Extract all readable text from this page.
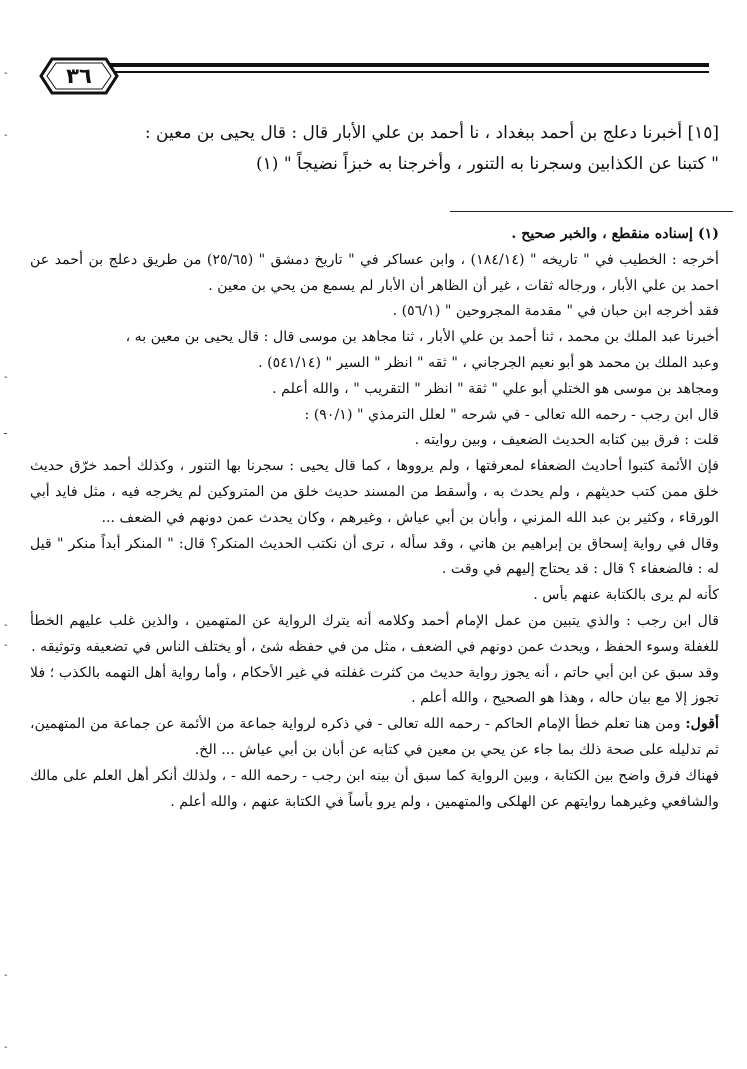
٣٦

[١٥] أخبرنا دعلج بن أحمد ببغداد ، نا أحمد بن علي الأبار قال : قال يحيى بن معين :

" كتبنا عن الكذابين وسجرنا به التنور ، وأخرجنا به خبزاً نضيجاً " (١)

(١) إسناده منقطع ، والخبر صحيح .

أخرجه : الخطيب في " تاريخه " (١٨٤/١٤) ، وابن عساكر في " تاريخ دمشق " (٢٥/٦٥) من طريق دعلج بن أحمد عن احمد بن علي الأبار ، ورجاله ثقات ، غير أن الظاهر أن الأبار لم يسمع من يحي بن معين .

فقد أخرجه ابن حبان في " مقدمة المجروحين " (٥٦/١) .

أخبرنا عبد الملك بن محمد ، ثنا أحمد بن علي الأبار ، ثنا مجاهد بن موسى قال : قال يحيى بن معين به ،

وعبد الملك بن محمد هو أبو نعيم الجرجاني ، " ثقه " انظر " السير " (٥٤١/١٤) .

ومجاهد بن موسى هو الختلي أبو علي " ثقة " انظر " التقريب " ، والله أعلم .

قال ابن رجب - رحمه الله تعالى - في شرحه " لعلل الترمذي " (٩٠/١) :

قلت : فرق بين كتابه الحديث الضعيف ، وبين روايته .

فإن الأئمة كتبوا أحاديث الضعفاء لمعرفتها ، ولم يرووها ، كما قال يحيى : سجرنا بها التنور ، وكذلك أحمد خرّق حديث خلق ممن كتب حديثهم ، ولم يحدث به ، وأسقط من المسند حديث خلق من المتروكين لم يخرجه فيه ، مثل فايد أبي الورقاء ، وكثير بن عبد الله المزني ، وأبان بن أبي عياش ، وغيرهم ، وكان يحدث عمن دونهم في الضعف ...

وقال في رواية إسحاق بن إبراهيم بن هاني ، وقد سأله ، ترى أن نكتب الحديث المنكر؟ قال: " المنكر أبداً منكر " قيل له : فالضعفاء ؟ قال : قد يحتاج إليهم في وقت .

كأنه لم يرى بالكتابة عنهم بأس .

قال ابن رجب : والذي يتبين من عمل الإمام أحمد وكلامه أنه يترك الرواية عن المتهمين ، والذين غلب عليهم الخطأ للغفلة وسوء الحفظ ، ويحدث عمن دونهم في الضعف ، مثل من في حفظه شئ ، أو يختلف الناس في تضعيفه وتوثيقه .

وقد سبق عن ابن أبي حاتم ، أنه يجوز رواية حديث من كثرت غفلته في غير الأحكام ، وأما رواية أهل التهمه بالكذب ؛ فلا تجوز إلا مع بيان حاله ، وهذا هو الصحيح ، والله أعلم .

أقول: ومن هنا تعلم خطأ الإمام الحاكم - رحمه الله تعالى - في ذكره لرواية جماعة من الأئمة عن جماعة من المتهمين، ثم تدليله على صحة ذلك بما جاء عن يحي بن معين في كتابه عن أبان بن أبي عياش ... الخ.

فهناك فرق واضح بين الكتابة ، وبين الرواية كما سبق أن بينه ابن رجب - رحمه الله - ، ولذلك أنكر أهل العلم على مالك والشافعي وغيرهما روايتهم عن الهلكى والمتهمين ، ولم يرو بأساً في الكتابة عنهم ، والله أعلم .

-
-
-
ـ
-
-
-
-
